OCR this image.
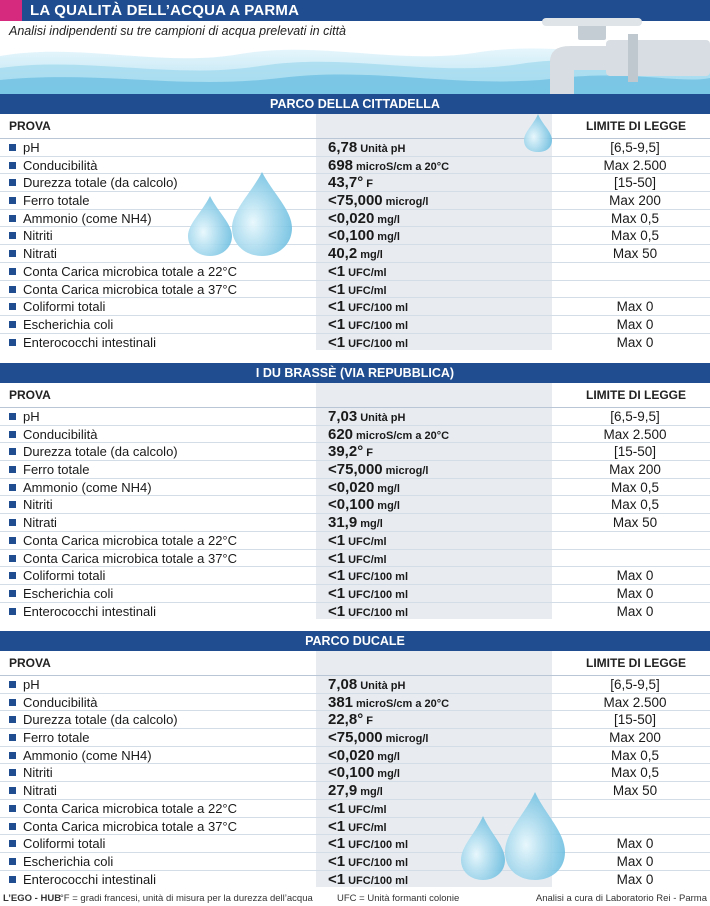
LA QUALITÀ DELL’ACQUA A PARMA
Analisi indipendenti su tre campioni di acqua prelevati in città
PARCO DELLA CITTADELLA
PROVA	LIMITE DI LEGGE
pH	6,78 Unità pH	[6,5-9,5]
Conducibilità	698 microS/cm a 20°C	Max 2.500
Durezza totale (da calcolo)	43,7° F	[15-50]
Ferro totale	<75,000 microg/l	Max 200
Ammonio (come NH4)	<0,020 mg/l	Max 0,5
Nitriti	<0,100 mg/l	Max 0,5
Nitrati	40,2 mg/l	Max 50
Conta Carica microbica totale a 22°C	<1 UFC/ml
Conta Carica microbica totale a 37°C	<1 UFC/ml
Coliformi totali	<1 UFC/100 ml	Max 0
Escherichia coli	<1 UFC/100 ml	Max 0
Enterococchi intestinali	<1 UFC/100 ml	Max 0
I DU BRASSÈ (VIA REPUBBLICA)
PROVA	LIMITE DI LEGGE
pH	7,03 Unità pH	[6,5-9,5]
Conducibilità	620 microS/cm a 20°C	Max 2.500
Durezza totale (da calcolo)	39,2° F	[15-50]
Ferro totale	<75,000 microg/l	Max 200
Ammonio (come NH4)	<0,020 mg/l	Max 0,5
Nitriti	<0,100 mg/l	Max 0,5
Nitrati	31,9 mg/l	Max 50
Conta Carica microbica totale a 22°C	<1 UFC/ml
Conta Carica microbica totale a 37°C	<1 UFC/ml
Coliformi totali	<1 UFC/100 ml	Max 0
Escherichia coli	<1 UFC/100 ml	Max 0
Enterococchi intestinali	<1 UFC/100 ml	Max 0
PARCO DUCALE
PROVA	LIMITE DI LEGGE
pH	7,08 Unità pH	[6,5-9,5]
Conducibilità	381 microS/cm a 20°C	Max 2.500
Durezza totale (da calcolo)	22,8° F	[15-50]
Ferro totale	<75,000 microg/l	Max 200
Ammonio (come NH4)	<0,020 mg/l	Max 0,5
Nitriti	<0,100 mg/l	Max 0,5
Nitrati	27,9 mg/l	Max 50
Conta Carica microbica totale a 22°C	<1 UFC/ml
Conta Carica microbica totale a 37°C	<1 UFC/ml
Coliformi totali	<1 UFC/100 ml	Max 0
Escherichia coli	<1 UFC/100 ml	Max 0
Enterococchi intestinali	<1 UFC/100 ml	Max 0
L’EGO - HUB
°F = gradi francesi, unità di misura per la durezza dell’acqua	UFC = Unità formanti colonie	Analisi a cura di Laboratorio Rei - Parma
